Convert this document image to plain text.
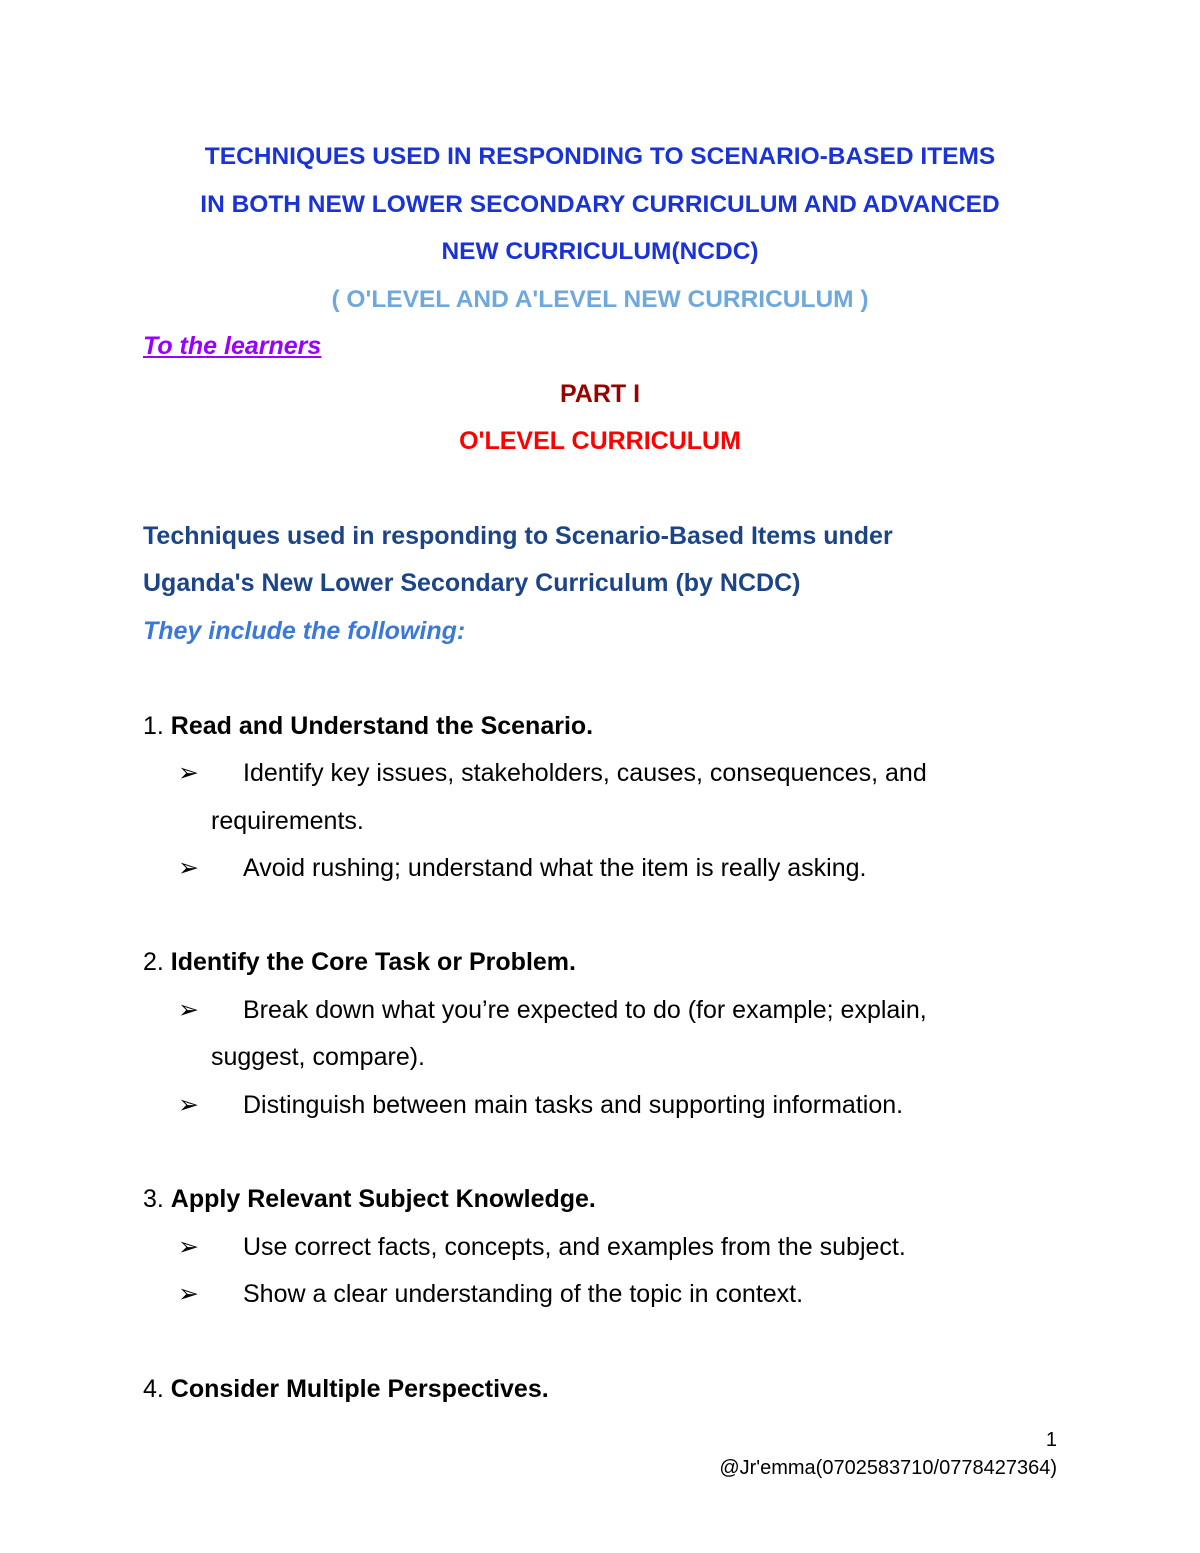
TECHNIQUES USED IN RESPONDING TO SCENARIO-BASED ITEMS
IN BOTH NEW LOWER SECONDARY CURRICULUM AND ADVANCED
NEW CURRICULUM(NCDC)
( O'LEVEL AND A'LEVEL NEW CURRICULUM )
To the learners
PART I
O'LEVEL CURRICULUM
Techniques used in responding to Scenario-Based Items under
Uganda's New Lower Secondary Curriculum (by NCDC)
They include the following:
1. Read and Understand the Scenario.
➢ Identify key issues, stakeholders, causes, consequences, and
requirements.
➢ Avoid rushing; understand what the item is really asking.
2. Identify the Core Task or Problem.
➢ Break down what you’re expected to do (for example; explain,
suggest, compare).
➢ Distinguish between main tasks and supporting information.
3. Apply Relevant Subject Knowledge.
➢ Use correct facts, concepts, and examples from the subject.
➢ Show a clear understanding of the topic in context.
4. Consider Multiple Perspectives.
1
@Jr'emma(0702583710/0778427364)
